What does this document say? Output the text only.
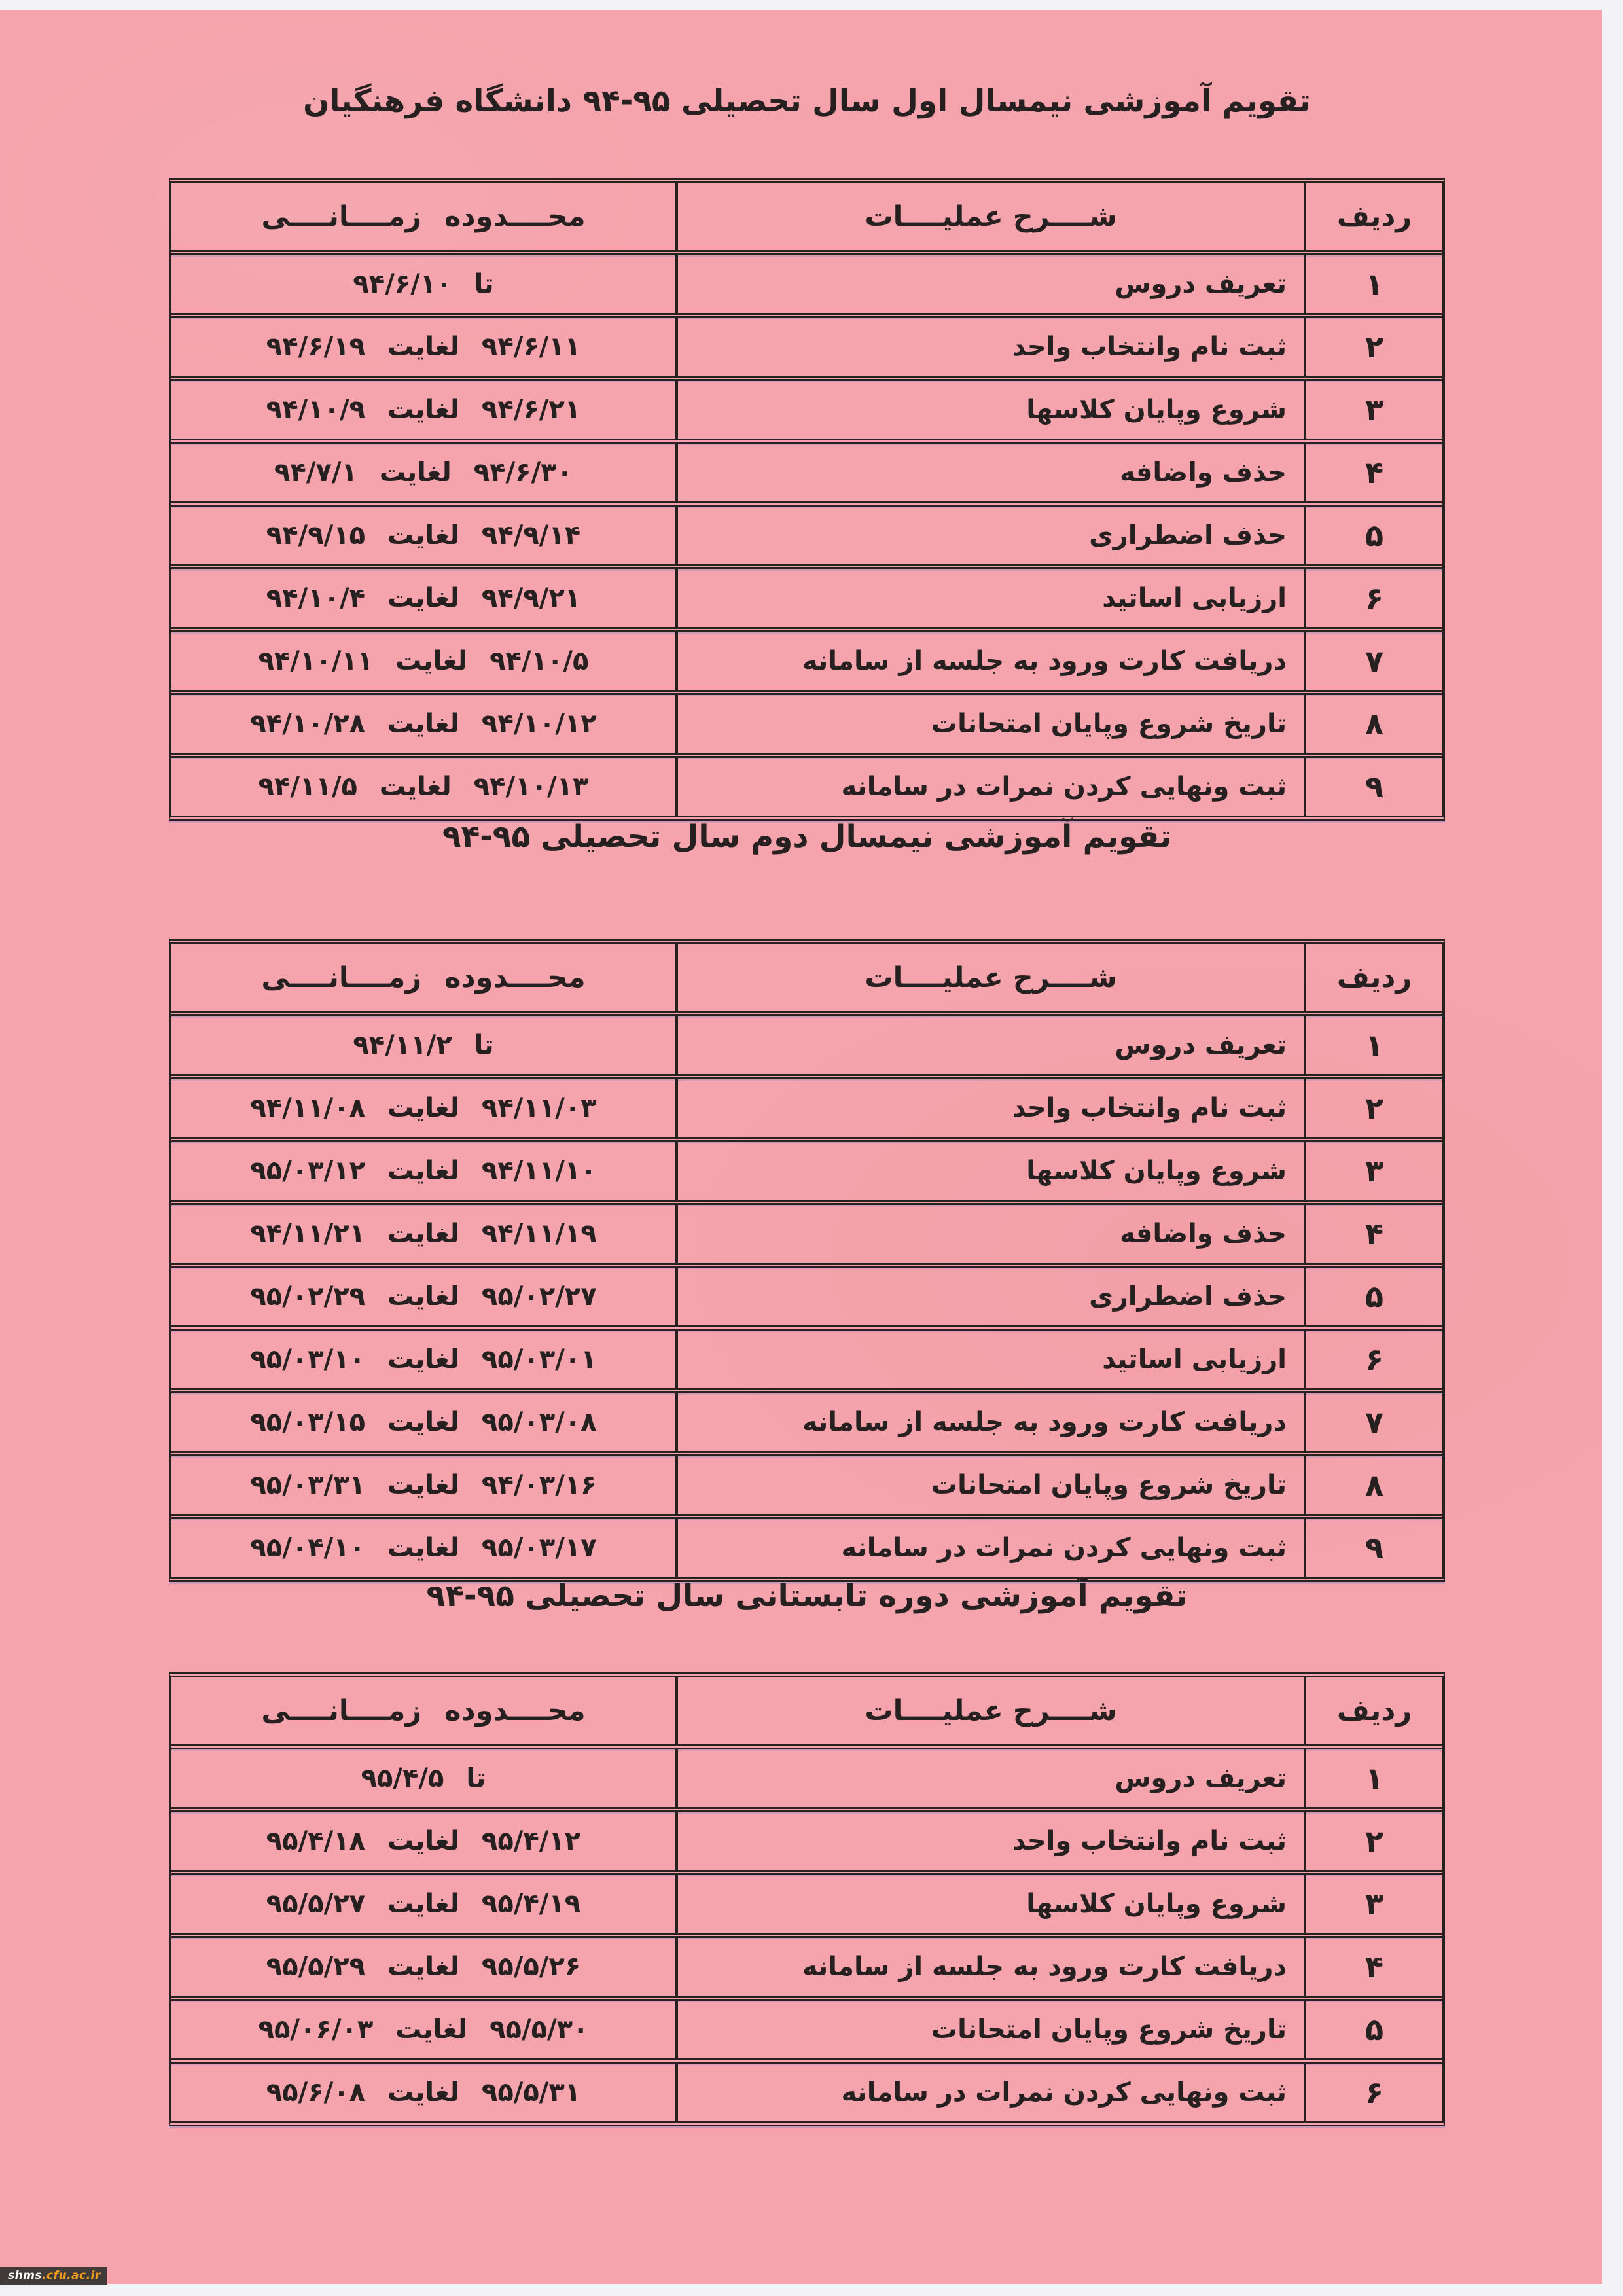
تقویم آموزشی نیمسال اول سال تحصیلی ۹۵-۹۴ دانشگاه فرهنگیان
ردیف
شــــرح عملیــــات
محــــدوده زمــــانــــی
۱
تعریف دروس
تا ۹۴/۶/۱۰
۲
ثبت نام وانتخاب واحد
۹۴/۶/۱۱ لغایت ۹۴/۶/۱۹
۳
شروع وپایان کلاسها
۹۴/۶/۲۱ لغایت ۹۴/۱۰/۹
۴
حذف واضافه
۹۴/۶/۳۰ لغایت ۹۴/۷/۱
۵
حذف اضطراری
۹۴/۹/۱۴ لغایت ۹۴/۹/۱۵
۶
ارزیابی اساتید
۹۴/۹/۲۱ لغایت ۹۴/۱۰/۴
۷
دریافت کارت ورود به جلسه از سامانه
۹۴/۱۰/۵ لغایت ۹۴/۱۰/۱۱
۸
تاریخ شروع وپایان امتحانات
۹۴/۱۰/۱۲ لغایت ۹۴/۱۰/۲۸
۹
ثبت ونهایی کردن نمرات در سامانه
۹۴/۱۰/۱۳ لغایت ۹۴/۱۱/۵
تقویم آموزشی نیمسال دوم سال تحصیلی ۹۵-۹۴
ردیف
شــــرح عملیــــات
محــــدوده زمــــانــــی
۱
تعریف دروس
تا ۹۴/۱۱/۲
۲
ثبت نام وانتخاب واحد
۹۴/۱۱/۰۳ لغایت ۹۴/۱۱/۰۸
۳
شروع وپایان کلاسها
۹۴/۱۱/۱۰ لغایت ۹۵/۰۳/۱۲
۴
حذف واضافه
۹۴/۱۱/۱۹ لغایت ۹۴/۱۱/۲۱
۵
حذف اضطراری
۹۵/۰۲/۲۷ لغایت ۹۵/۰۲/۲۹
۶
ارزیابی اساتید
۹۵/۰۳/۰۱ لغایت ۹۵/۰۳/۱۰
۷
دریافت کارت ورود به جلسه از سامانه
۹۵/۰۳/۰۸ لغایت ۹۵/۰۳/۱۵
۸
تاریخ شروع وپایان امتحانات
۹۴/۰۳/۱۶ لغایت ۹۵/۰۳/۳۱
۹
ثبت ونهایی کردن نمرات در سامانه
۹۵/۰۳/۱۷ لغایت ۹۵/۰۴/۱۰
تقویم آموزشی دوره تابستانی سال تحصیلی ۹۵-۹۴
ردیف
شــــرح عملیــــات
محــــدوده زمــــانــــی
۱
تعریف دروس
تا ۹۵/۴/۵
۲
ثبت نام وانتخاب واحد
۹۵/۴/۱۲ لغایت ۹۵/۴/۱۸
۳
شروع وپایان کلاسها
۹۵/۴/۱۹ لغایت ۹۵/۵/۲۷
۴
دریافت کارت ورود به جلسه از سامانه
۹۵/۵/۲۶ لغایت ۹۵/۵/۲۹
۵
تاریخ شروع وپایان امتحانات
۹۵/۵/۳۰ لغایت ۹۵/۰۶/۰۳
۶
ثبت ونهایی کردن نمرات در سامانه
۹۵/۵/۳۱ لغایت ۹۵/۶/۰۸
shms.cfu.ac.ir
